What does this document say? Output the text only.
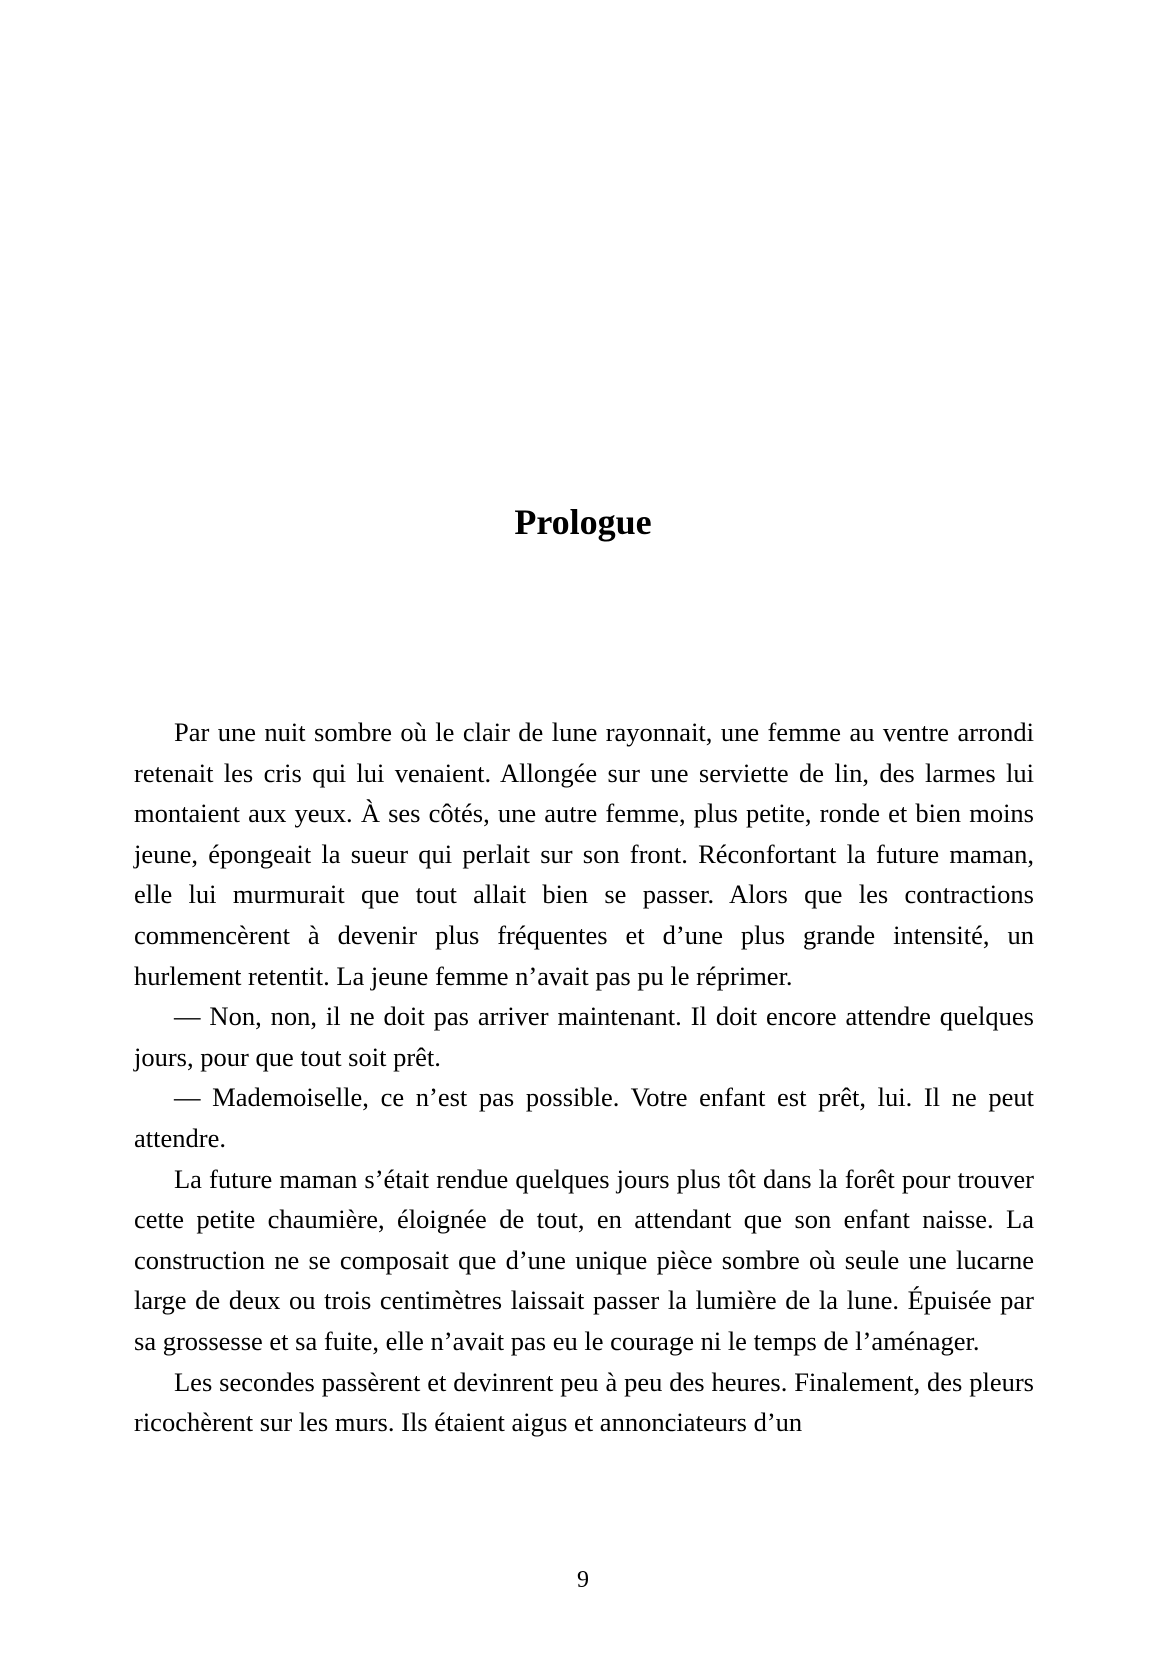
Prologue

Par une nuit sombre où le clair de lune rayonnait, une femme au ventre arrondi retenait les cris qui lui venaient. Allongée sur une serviette de lin, des larmes lui montaient aux yeux. À ses côtés, une autre femme, plus petite, ronde et bien moins jeune, épongeait la sueur qui perlait sur son front. Réconfortant la future maman, elle lui murmurait que tout allait bien se passer. Alors que les contractions commencèrent à devenir plus fréquentes et d’une plus grande intensité, un hurlement retentit. La jeune femme n’avait pas pu le réprimer.

— Non, non, il ne doit pas arriver maintenant. Il doit encore attendre quelques jours, pour que tout soit prêt.

— Mademoiselle, ce n’est pas possible. Votre enfant est prêt, lui. Il ne peut attendre.

La future maman s’était rendue quelques jours plus tôt dans la forêt pour trouver cette petite chaumière, éloignée de tout, en attendant que son enfant naisse. La construction ne se composait que d’une unique pièce sombre où seule une lucarne large de deux ou trois centimètres laissait passer la lumière de la lune. Épuisée par sa grossesse et sa fuite, elle n’avait pas eu le courage ni le temps de l’aménager.

Les secondes passèrent et devinrent peu à peu des heures. Finalement, des pleurs ricochèrent sur les murs. Ils étaient aigus et annonciateurs d’un

9
